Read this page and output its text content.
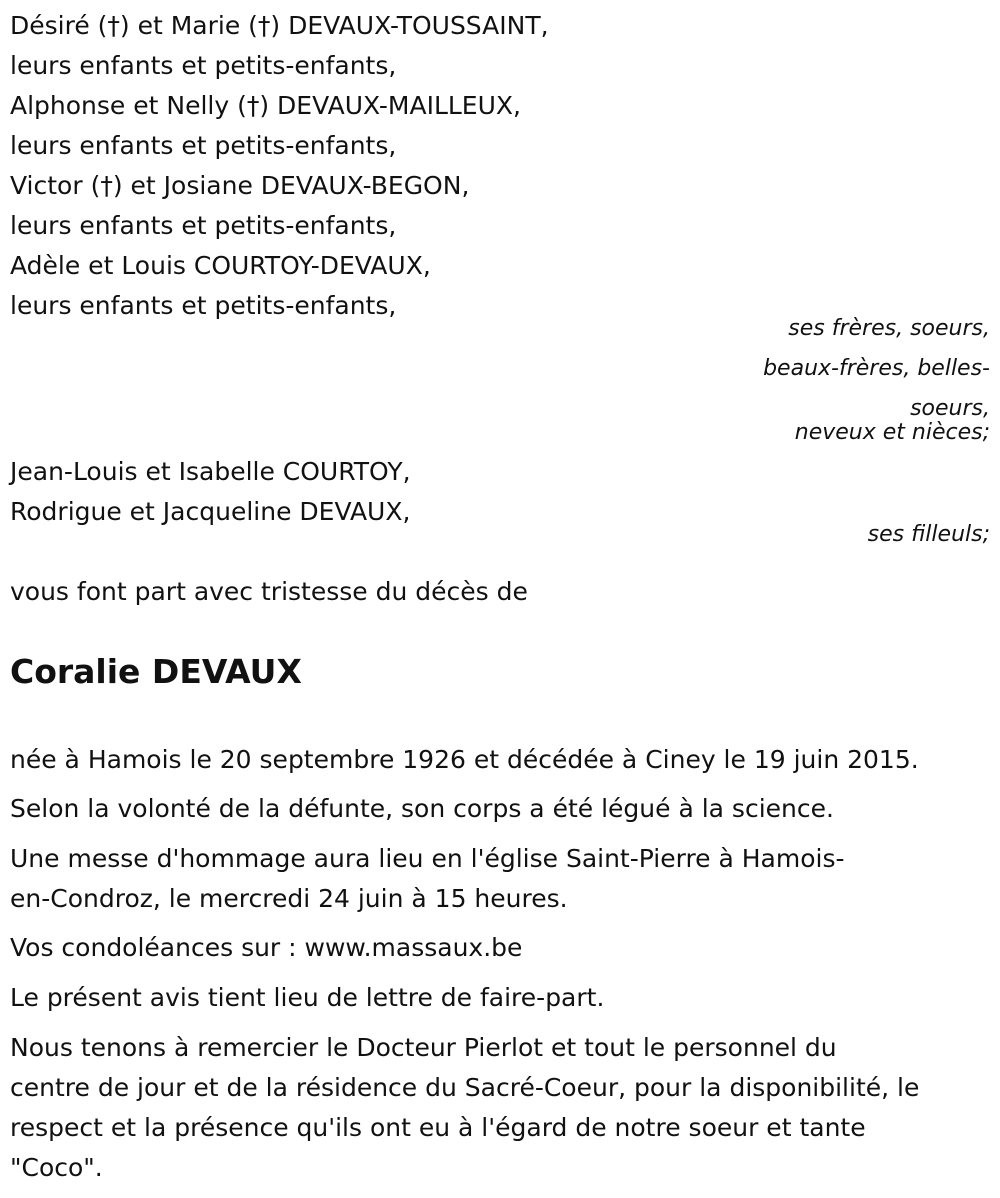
Désiré (†) et Marie (†) DEVAUX-TOUSSAINT,
leurs enfants et petits-enfants,
Alphonse et Nelly (†) DEVAUX-MAILLEUX,
leurs enfants et petits-enfants,
Victor (†) et Josiane DEVAUX-BEGON,
leurs enfants et petits-enfants,
Adèle et Louis COURTOY-DEVAUX,
leurs enfants et petits-enfants,
ses frères, soeurs,
beaux-frères, belles-
soeurs,
neveux et nièces;
Jean-Louis et Isabelle COURTOY,
Rodrigue et Jacqueline DEVAUX,
ses filleuls;
vous font part avec tristesse du décès de
Coralie DEVAUX
née à Hamois le 20 septembre 1926 et décédée à Ciney le 19 juin 2015.
Selon la volonté de la défunte, son corps a été légué à la science.
Une messe d'hommage aura lieu en l'église Saint-Pierre à Hamois-
en-Condroz, le mercredi 24 juin à 15 heures.
Vos condoléances sur : www.massaux.be
Le présent avis tient lieu de lettre de faire-part.
Nous tenons à remercier le Docteur Pierlot et tout le personnel du
centre de jour et de la résidence du Sacré-Coeur, pour la disponibilité, le
respect et la présence qu'ils ont eu à l'égard de notre soeur et tante
"Coco".
